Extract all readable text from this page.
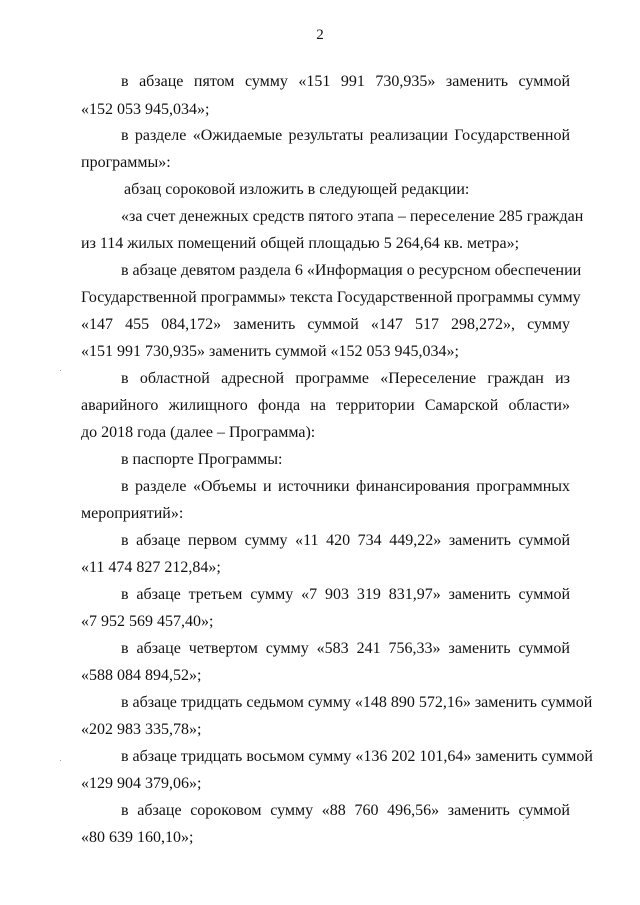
2
в абзаце пятом сумму «151 991 730,935» заменить суммой
«152 053 945,034»;
в разделе «Ожидаемые результаты реализации Государственной
программы»:
абзац сороковой изложить в следующей редакции:
«за счет денежных средств пятого этапа – переселение 285 граждан
из 114 жилых помещений общей площадью 5 264,64 кв. метра»;
в абзаце девятом раздела 6 «Информация о ресурсном обеспечении
Государственной программы» текста Государственной программы сумму
«147 455 084,172» заменить суммой «147 517 298,272», сумму
«151 991 730,935» заменить суммой «152 053 945,034»;
в областной адресной программе «Переселение граждан из
аварийного жилищного фонда на территории Самарской области»
до 2018 года (далее – Программа):
в паспорте Программы:
в разделе «Объемы и источники финансирования программных
мероприятий»:
в абзаце первом сумму «11 420 734 449,22» заменить суммой
«11 474 827 212,84»;
в абзаце третьем сумму «7 903 319 831,97» заменить суммой
«7 952 569 457,40»;
в абзаце четвертом сумму «583 241 756,33» заменить суммой
«588 084 894,52»;
в абзаце тридцать седьмом сумму «148 890 572,16» заменить суммой
«202 983 335,78»;
в абзаце тридцать восьмом сумму «136 202 101,64» заменить суммой
«129 904 379,06»;
в абзаце сороковом сумму «88 760 496,56» заменить суммой
«80 639 160,10»;
